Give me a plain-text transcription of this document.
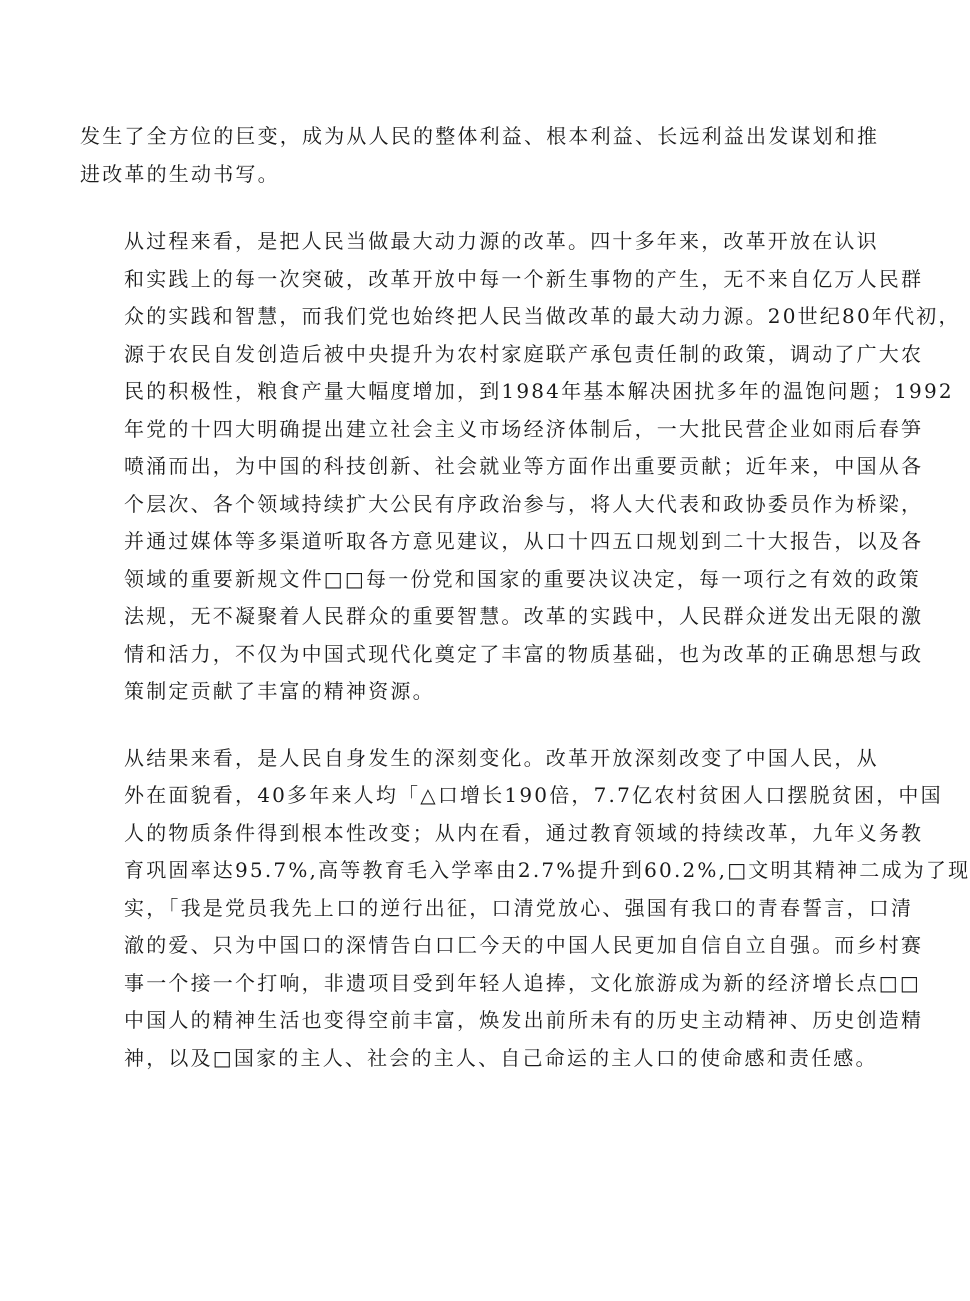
发生了全方位的巨变，成为从人民的整体利益、根本利益、长远利益出发谋划和推
进改革的生动书写。
从过程来看，是把人民当做最大动力源的改革。四十多年来，改革开放在认识
和实践上的每一次突破，改革开放中每一个新生事物的产生，无不来自亿万人民群
众的实践和智慧，而我们党也始终把人民当做改革的最大动力源。20世纪80年代初，
源于农民自发创造后被中央提升为农村家庭联产承包责任制的政策，调动了广大农
民的积极性，粮食产量大幅度增加，到1984年基本解决困扰多年的温饱问题；1992
年党的十四大明确提出建立社会主义市场经济体制后，一大批民营企业如雨后春笋
喷涌而出，为中国的科技创新、社会就业等方面作出重要贡献；近年来，中国从各
个层次、各个领域持续扩大公民有序政治参与，将人大代表和政协委员作为桥梁，
并通过媒体等多渠道听取各方意见建议，从口十四五口规划到二十大报告，以及各
领域的重要新规文件□□每一份党和国家的重要决议决定，每一项行之有效的政策
法规，无不凝聚着人民群众的重要智慧。改革的实践中，人民群众迸发出无限的激
情和活力，不仅为中国式现代化奠定了丰富的物质基础，也为改革的正确思想与政
策制定贡献了丰富的精神资源。
从结果来看，是人民自身发生的深刻变化。改革开放深刻改变了中国人民，从
外在面貌看，40多年来人均「△口增长190倍，7.7亿农村贫困人口摆脱贫困，中国
人的物质条件得到根本性改变；从内在看，通过教育领域的持续改革，九年义务教
育巩固率达95.7%,高等教育毛入学率由2.7%提升到60.2%,□文明其精神二成为了现
实，「我是党员我先上口的逆行出征，口清党放心、强国有我口的青春誓言，口清
澈的爱、只为中国口的深情告白口匚今天的中国人民更加自信自立自强。而乡村赛
事一个接一个打响，非遗项目受到年轻人追捧，文化旅游成为新的经济增长点□□
中国人的精神生活也变得空前丰富，焕发出前所未有的历史主动精神、历史创造精
神，以及□国家的主人、社会的主人、自己命运的主人口的使命感和责任感。
